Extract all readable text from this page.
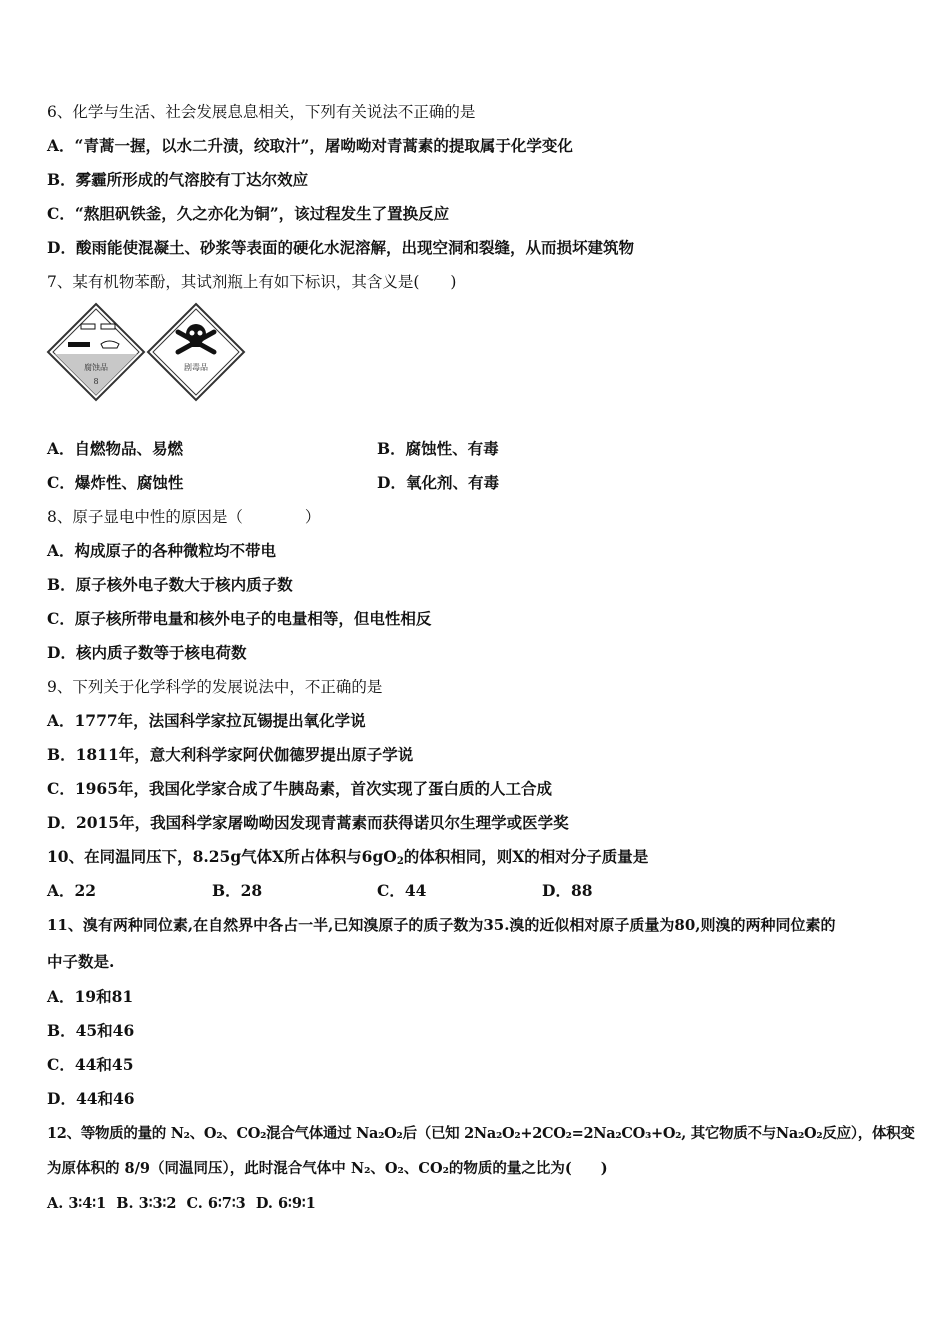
6、化学与生活、社会发展息息相关，下列有关说法不正确的是
A．“青蒿一握，以水二升渍，绞取汁”，屠呦呦对青蒿素的提取属于化学变化
B．雾霾所形成的气溶胶有丁达尔效应
C．“熬胆矾铁釜，久之亦化为铜”，该过程发生了置换反应
D．酸雨能使混凝土、砂浆等表面的硬化水泥溶解，出现空洞和裂缝，从而损坏建筑物
7、某有机物苯酚，其试剂瓶上有如下标识，其含义是(　　)
腐蚀品
8
剧毒品
A．自燃物品、易燃	B．腐蚀性、有毒
C．爆炸性、腐蚀性	D．氧化剂、有毒
8、原子显电中性的原因是（　　　　）
A．构成原子的各种微粒均不带电
B．原子核外电子数大于核内质子数
C．原子核所带电量和核外电子的电量相等，但电性相反
D．核内质子数等于核电荷数
9、下列关于化学科学的发展说法中，不正确的是
A．1777年，法国科学家拉瓦锡提出氧化学说
B．1811年，意大利科学家阿伏伽德罗提出原子学说
C．1965年，我国化学家合成了牛胰岛素，首次实现了蛋白质的人工合成
D．2015年，我国科学家屠呦呦因发现青蒿素而获得诺贝尔生理学或医学奖
10、在同温同压下，8.25g气体X所占体积与$6gO_2$的体积相同，则X的相对分子质量是
A．22	B．28	C．44	D．88
11、溴有两种同位素,在自然界中各占一半,已知溴原子的质子数为35.溴的近似相对原子质量为80,则溴的两种同位素的
中子数是.
A．19和81
B．45和46
C．44和45
D．44和46
12、等物质的量的 N₂、O₂、CO₂混合气体通过 Na₂O₂后（已知 2Na₂O₂+2CO₂=2Na₂CO₃+O₂, 其它物质不与Na₂O₂反应），体积变
为原体积的 8/9（同温同压），此时混合气体中 N₂、O₂、CO₂的物质的量之比为(　　)
A. 3∶4∶1  B. 3∶3∶2  C. 6∶7∶3  D. 6∶9∶1
